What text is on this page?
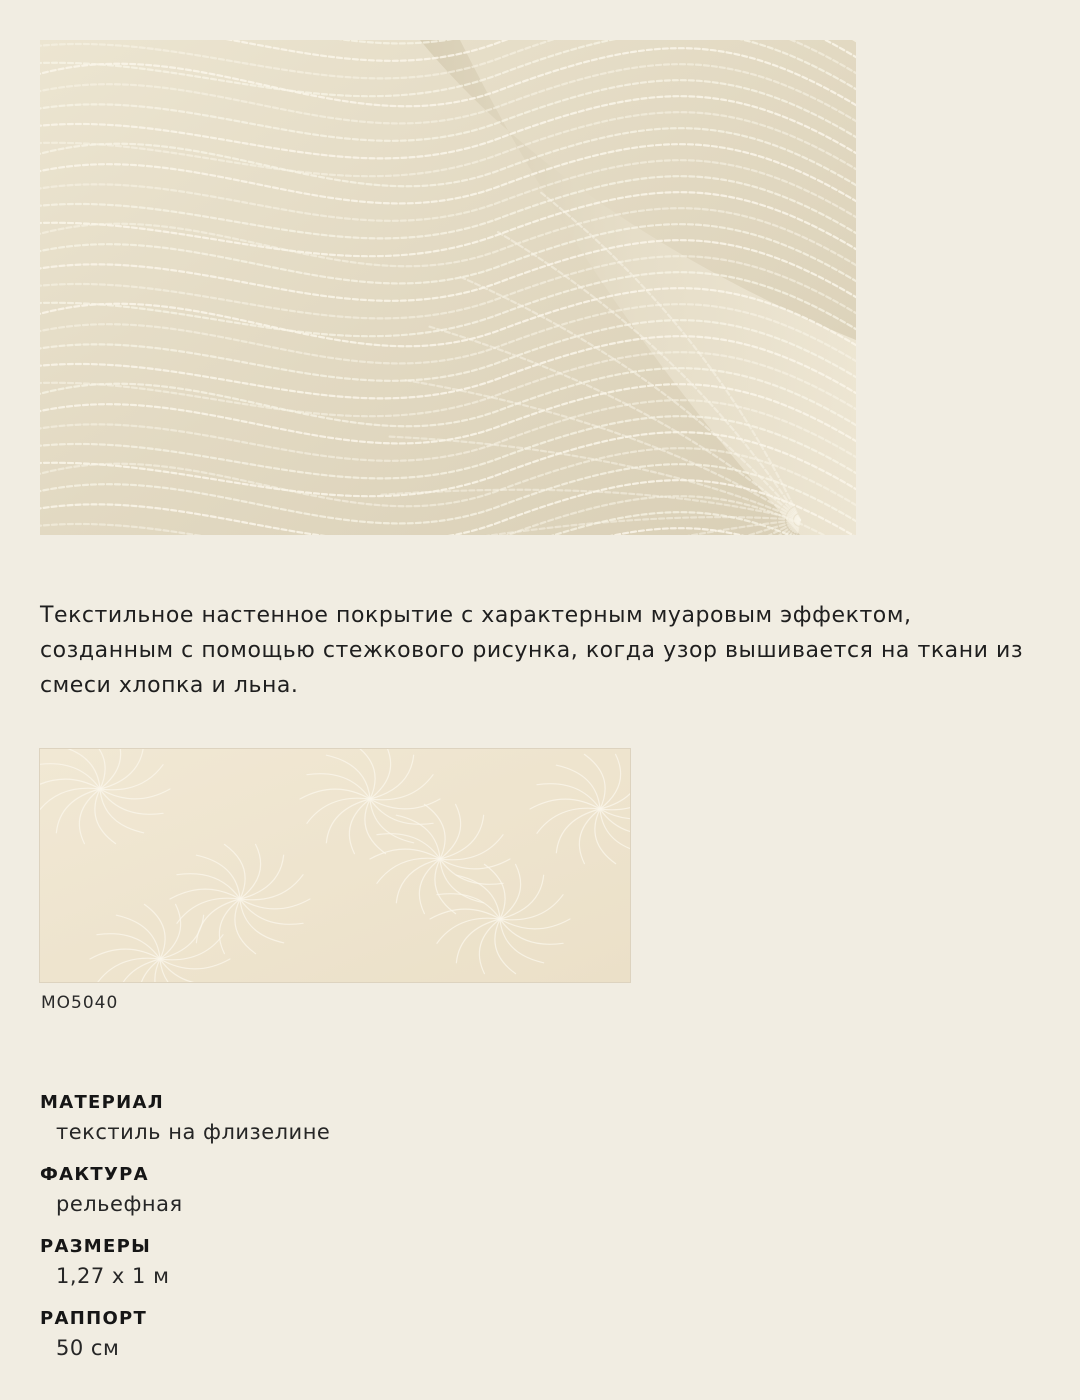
Текстильное настенное покрытие с характерным муаровым эффектом, созданным с помощью стежкового рисунка, когда узор вышивается на ткани из смеси хлопка и льна.

MO5040
МАТЕРИАЛ
текстиль на флизелине
ФАКТУРА
рельефная
РАЗМЕРЫ
1,27 х 1 м
РАППОРТ
50 см
